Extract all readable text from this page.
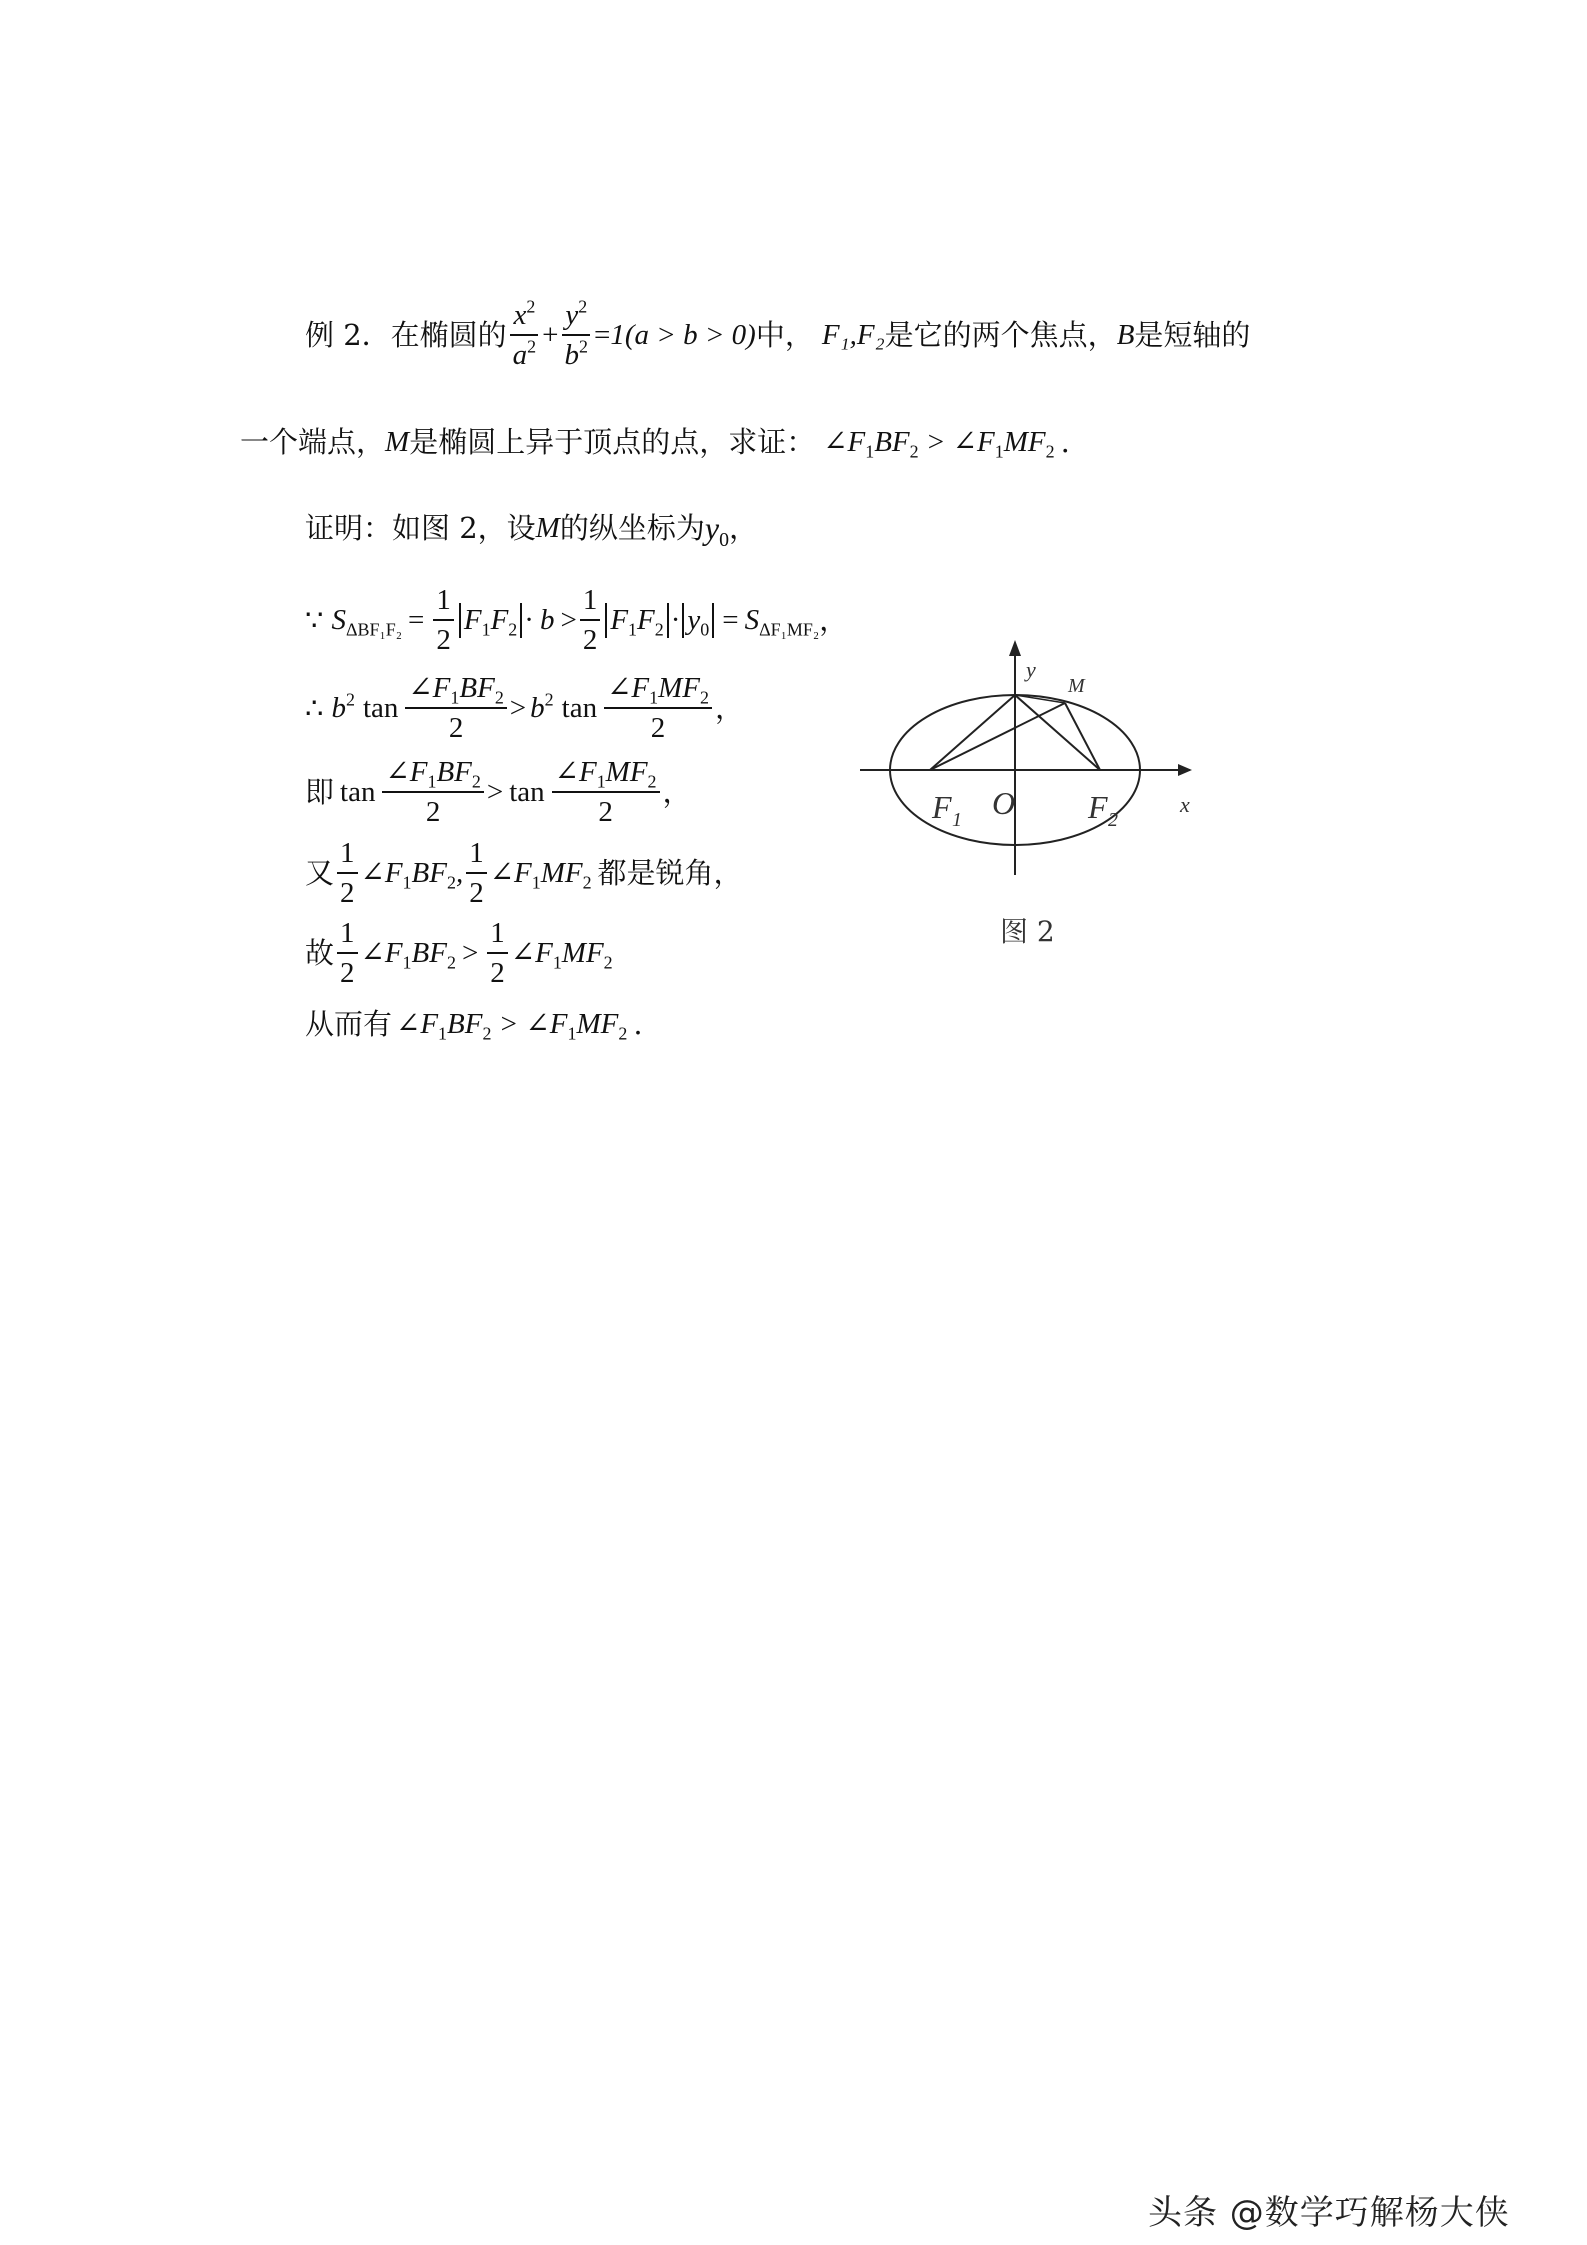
例 2．在椭圆的 $\frac{x^2}{a^2} + \frac{y^2}{b^2} = 1(a > b > 0)$ 中， F₁,F₂ 是它的两个焦点， B 是短轴的
一个端点， M 是椭圆上异于顶点的点，求证： $\angle F_1BF_2$ > $\angle F_1MF_2$ .
证明：如图 2，设 M 的纵坐标为 $y_0$ ，
∵ $S_{\Delta BF_1F_2} = \frac{1}{2} F_1F_2 \cdot b > \frac{1}{2} F_1F_2 \cdot y_0 = S_{\Delta F_1MF_2}$ ，
∴ $b^2$ $\tan \frac{\angle F_1BF_2}{2} > b^2$ $\tan \frac{\angle F_1MF_2}{2}$ ，
即 $\tan \frac{\angle F_1BF_2}{2} > \tan \frac{\angle F_1MF_2}{2}$ ，
又 $\frac{1}{2}$ $\angle F_1BF_2$, $\frac{1}{2}$ $\angle F_1MF_2$ 都是锐角，
故 $\frac{1}{2}$ $\angle F_1BF_2 > \frac{1}{2}$ $\angle F_1MF_2$
从而有 $\angle F_1BF_2$ > $\angle F_1MF_2$ .
F 1 O F 2
x
y
M
图 2
头条 @数学巧解杨大侠
